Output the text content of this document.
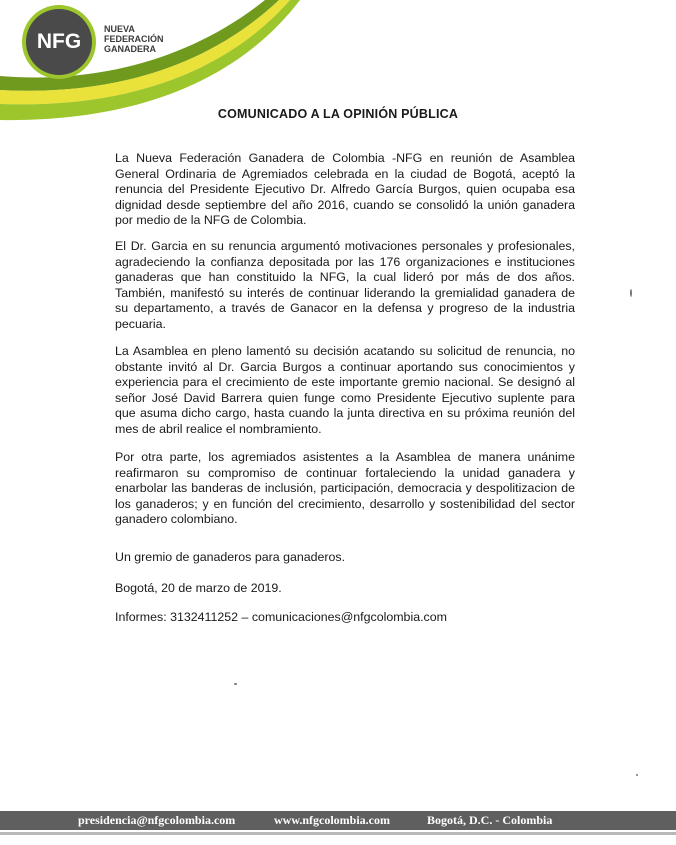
NFG
NUEVA
FEDERACIÓN
GANADERA
COMUNICADO A LA OPINIÓN PÚBLICA

La Nueva Federación Ganadera de Colombia -NFG en reunión de Asamblea General Ordinaria de Agremiados celebrada en la ciudad de Bogotá, aceptó la renuncia del Presidente Ejecutivo Dr. Alfredo García Burgos, quien ocupaba esa dignidad desde septiembre del año 2016, cuando se consolidó la unión ganadera por medio de la NFG de Colombia.

El Dr. Garcia en su renuncia argumentó motivaciones personales y profesionales, agradeciendo la confianza depositada por las 176 organizaciones e instituciones ganaderas que han constituido la NFG, la cual lideró por más de dos años. También, manifestó su interés de continuar liderando la gremialidad ganadera de su departamento, a través de Ganacor en la defensa y progreso de la industria pecuaria.

La Asamblea en pleno lamentó su decisión acatando su solicitud de renuncia, no obstante invitó al Dr. Garcia Burgos a continuar aportando sus conocimientos y experiencia para el crecimiento de este importante gremio nacional. Se designó al señor José David Barrera quien funge como Presidente Ejecutivo suplente para que asuma dicho cargo, hasta cuando la junta directiva en su próxima reunión del mes de abril realice el nombramiento.

Por otra parte, los agremiados asistentes a la Asamblea de manera unánime reafirmaron su compromiso de continuar fortaleciendo la unidad ganadera y enarbolar las banderas de inclusión, participación, democracia y despolitizacion de los ganaderos; y en función del crecimiento, desarrollo y sostenibilidad del sector ganadero colombiano.

Un gremio de ganaderos para ganaderos.
Bogotá, 20 de marzo de 2019.
Informes: 3132411252 – comunicaciones@nfgcolombia.com
presidencia@nfgcolombia.com	www.nfgcolombia.com	Bogotá, D.C. - Colombia
